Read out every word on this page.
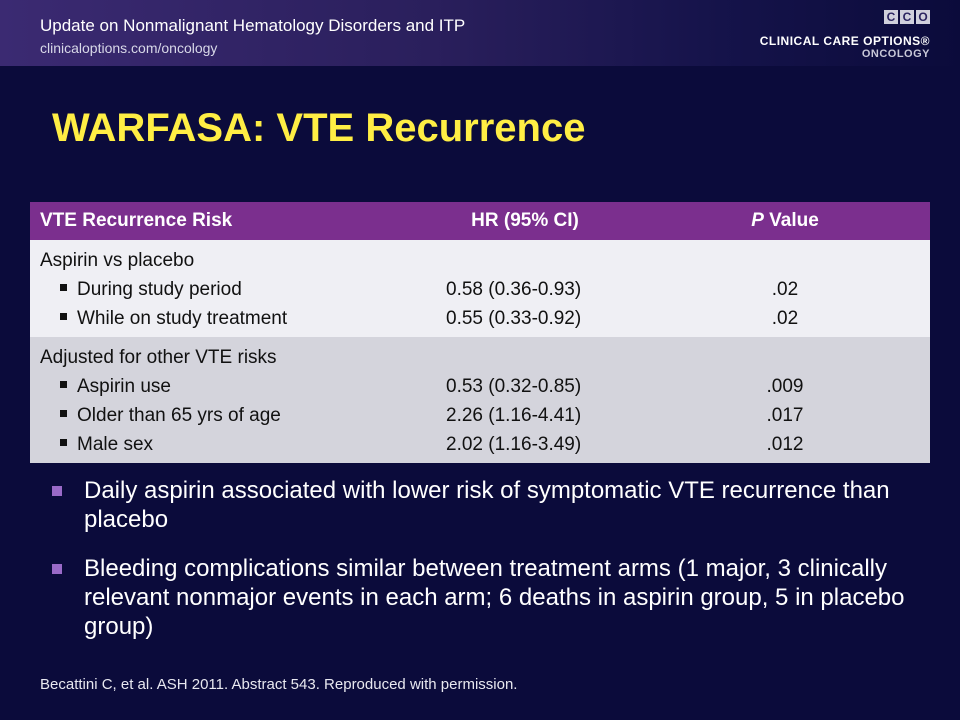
Update on Nonmalignant Hematology Disorders and ITP
clinicaloptions.com/oncology
C C O
CLINICAL CARE OPTIONS®
ONCOLOGY
WARFASA: VTE Recurrence
VTE Recurrence Risk	HR (95% CI)	P Value
Aspirin vs placebo
During study period	0.58 (0.36-0.93)	.02
While on study treatment	0.55 (0.33-0.92)	.02
Adjusted for other VTE risks
Aspirin use	0.53 (0.32-0.85)	.009
Older than 65 yrs of age	2.26 (1.16-4.41)	.017
Male sex	2.02 (1.16-3.49)	.012
Daily aspirin associated with lower risk of symptomatic VTE recurrence than placebo
Bleeding complications similar between treatment arms (1 major, 3 clinically relevant nonmajor events in each arm; 6 deaths in aspirin group, 5 in placebo group)
Becattini C, et al. ASH 2011. Abstract 543. Reproduced with permission.
